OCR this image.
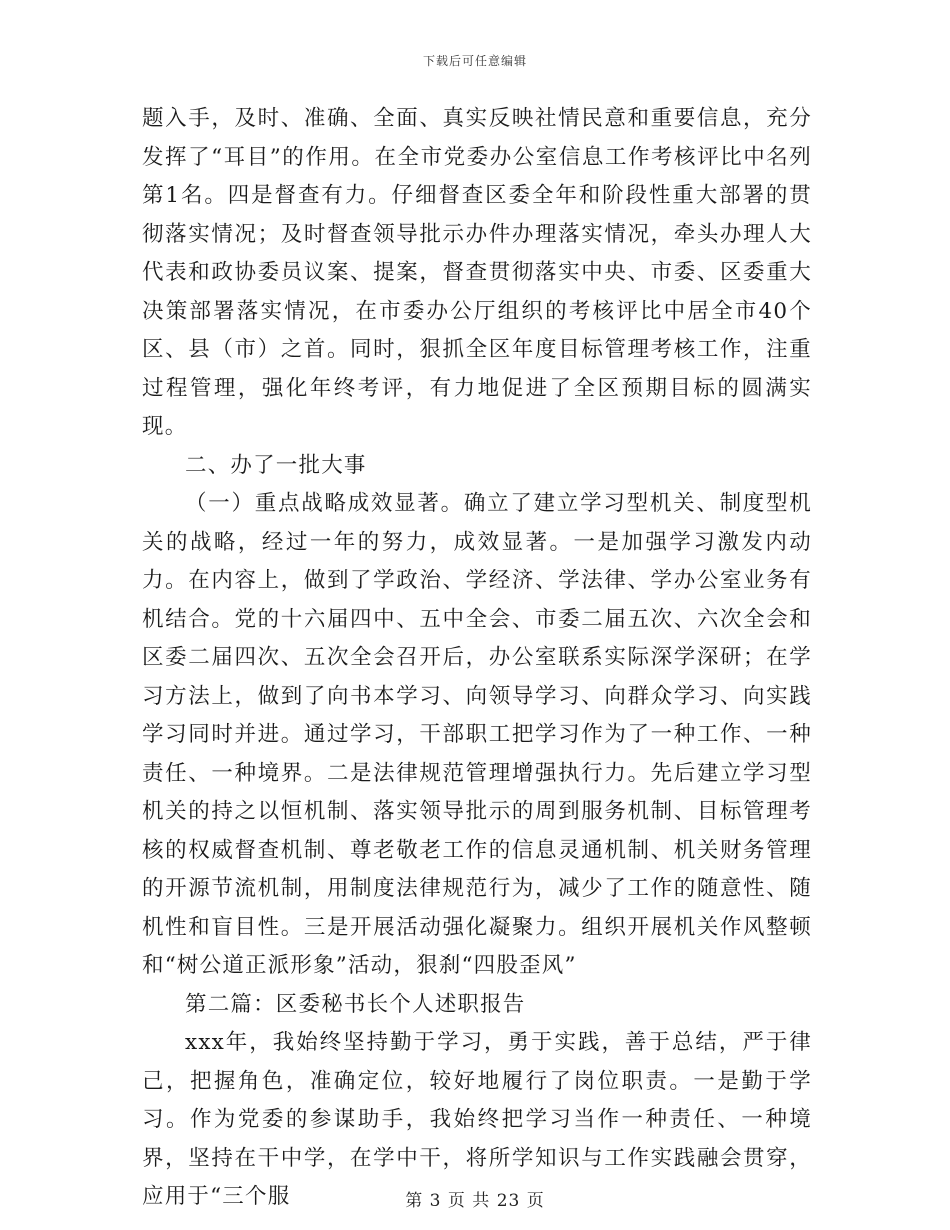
下载后可任意编辑

题入手，及时、准确、全面、真实反映社情民意和重要信息，充分发挥了“耳目”的作用。在全市党委办公室信息工作考核评比中名列第1名。四是督查有力。仔细督查区委全年和阶段性重大部署的贯彻落实情况；及时督查领导批示办件办理落实情况，牵头办理人大代表和政协委员议案、提案，督查贯彻落实中央、市委、区委重大决策部署落实情况，在市委办公厅组织的考核评比中居全市40个区、县（市）之首。同时，狠抓全区年度目标管理考核工作，注重过程管理，强化年终考评，有力地促进了全区预期目标的圆满实现。

二、办了一批大事

（一）重点战略成效显著。确立了建立学习型机关、制度型机关的战略，经过一年的努力，成效显著。一是加强学习激发内动力。在内容上，做到了学政治、学经济、学法律、学办公室业务有机结合。党的十六届四中、五中全会、市委二届五次、六次全会和区委二届四次、五次全会召开后，办公室联系实际深学深研；在学习方法上，做到了向书本学习、向领导学习、向群众学习、向实践学习同时并进。通过学习，干部职工把学习作为了一种工作、一种责任、一种境界。二是法律规范管理增强执行力。先后建立学习型机关的持之以恒机制、落实领导批示的周到服务机制、目标管理考核的权威督查机制、尊老敬老工作的信息灵通机制、机关财务管理的开源节流机制，用制度法律规范行为，减少了工作的随意性、随机性和盲目性。三是开展活动强化凝聚力。组织开展机关作风整顿和“树公道正派形象”活动，狠刹“四股歪风”

第二篇：区委秘书长个人述职报告

xxx年，我始终坚持勤于学习，勇于实践，善于总结，严于律己，把握角色，准确定位，较好地履行了岗位职责。一是勤于学习。作为党委的参谋助手，我始终把学习当作一种责任、一种境界，坚持在干中学，在学中干，将所学知识与工作实践融会贯穿，应用于“三个服	第 3 页 共 23 页
